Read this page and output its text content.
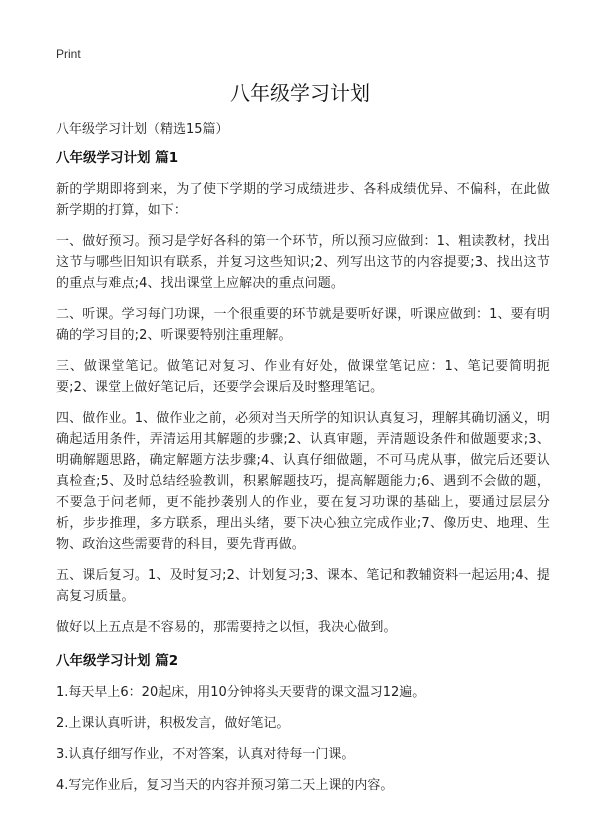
Print
八年级学习计划

八年级学习计划（精选15篇）

八年级学习计划 篇1

新的学期即将到来，为了使下学期的学习成绩进步、各科成绩优异、不偏科，在此做新学期的打算，如下：

一、做好预习。预习是学好各科的第一个环节，所以预习应做到：1、粗读教材，找出这节与哪些旧知识有联系，并复习这些知识;2、列写出这节的内容提要;3、找出这节的重点与难点;4、找出课堂上应解决的重点问题。

二、听课。学习每门功课，一个很重要的环节就是要听好课，听课应做到：1、要有明确的学习目的;2、听课要特别注重理解。

三、做课堂笔记。做笔记对复习、作业有好处，做课堂笔记应：1、笔记要简明扼要;2、课堂上做好笔记后，还要学会课后及时整理笔记。

四、做作业。1、做作业之前，必须对当天所学的知识认真复习，理解其确切涵义，明确起适用条件，弄清运用其解题的步骤;2、认真审题，弄清题设条件和做题要求;3、明确解题思路，确定解题方法步骤;4、认真仔细做题，不可马虎从事，做完后还要认真检查;5、及时总结经验教训，积累解题技巧，提高解题能力;6、遇到不会做的题，不要急于问老师，更不能抄袭别人的作业，要在复习功课的基础上，要通过层层分析，步步推理，多方联系，理出头绪，要下决心独立完成作业;7、像历史、地理、生物、政治这些需要背的科目，要先背再做。

五、课后复习。1、及时复习;2、计划复习;3、课本、笔记和教辅资料一起运用;4、提高复习质量。

做好以上五点是不容易的，那需要持之以恒，我决心做到。

八年级学习计划 篇2

1.每天早上6：20起床，用10分钟将头天要背的课文温习12遍。

2.上课认真听讲，积极发言，做好笔记。

3.认真仔细写作业，不对答案，认真对待每一门课。

4.写完作业后，复习当天的内容并预习第二天上课的内容。
